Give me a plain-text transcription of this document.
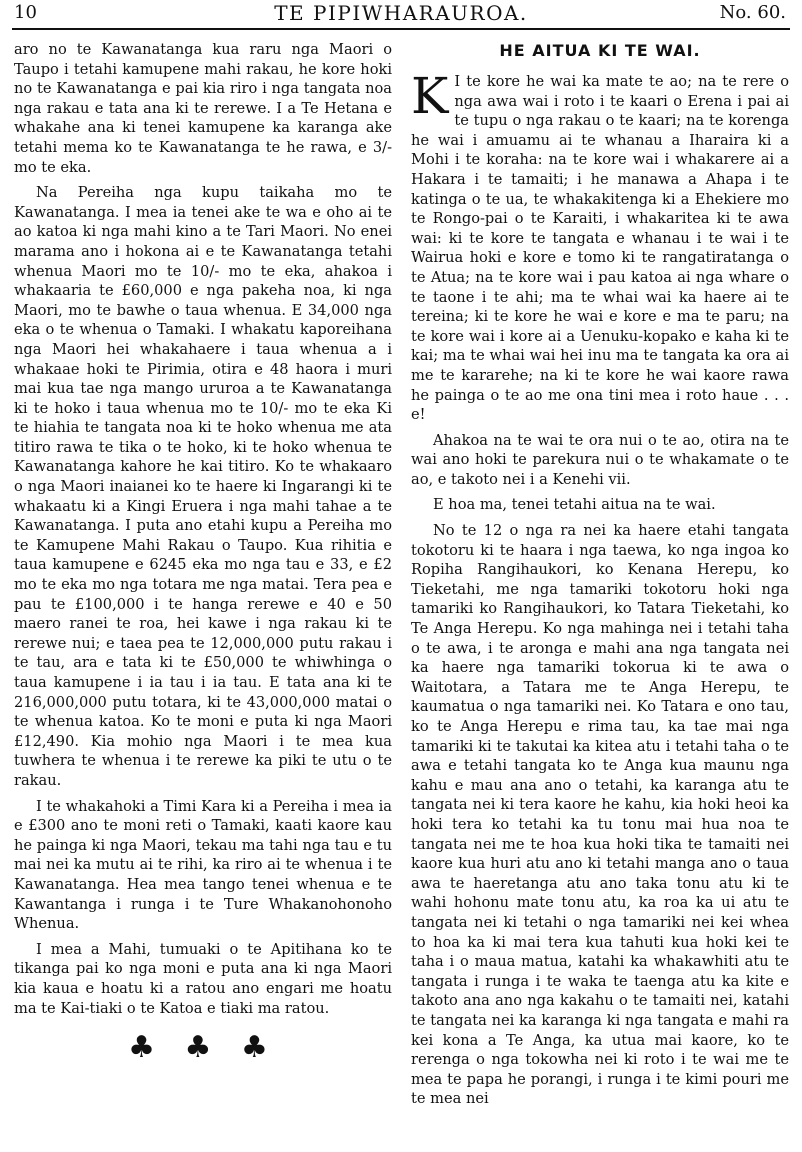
10	TE PIPIWHARAUROA.	No. 60.

aro no te Kawanatanga kua raru nga Maori o Taupo i tetahi kamupene mahi rakau, he kore hoki no te Kawanatanga e pai kia riro i nga tangata noa nga rakau e tata ana ki te rerewe. I a Te Hetana e whakahe ana ki tenei kamupene ka karanga ake tetahi mema ko te Kawanatanga te he rawa, e 3/- mo te eka.

Na Pereiha nga kupu taikaha mo te Kawanatanga. I mea ia tenei ake te wa e oho ai te ao katoa ki nga mahi kino a te Tari Maori. No enei marama ano i hokona ai e te Kawanatanga tetahi whenua Maori mo te 10/- mo te eka, ahakoa i whakaaria te £60,000 e nga pakeha noa, ki nga Maori, mo te bawhe o taua whenua. E 34,000 nga eka o te whenua o Tamaki. I whakatu kaporeihana nga Maori hei whakahaere i taua whenua a i whakaae hoki te Pirimia, otira e 48 haora i muri mai kua tae nga mango ururoa a te Kawanatanga ki te hoko i taua whenua mo te 10/- mo te eka Ki te hiahia te tangata noa ki te hoko whenua me ata titiro rawa te tika o te hoko, ki te hoko whenua te Kawanatanga kahore he kai titiro. Ko te whakaaro o nga Maori inaianei ko te haere ki Ingarangi ki te whakaatu ki a Kingi Eruera i nga mahi tahae a te Kawanatanga. I puta ano etahi kupu a Pereiha mo te Kamupene Mahi Rakau o Taupo. Kua rihitia e taua kamupene e 6245 eka mo nga tau e 33, e £2 mo te eka mo nga totara me nga matai. Tera pea e pau te £100,000 i te hanga rerewe e 40 e 50 maero ranei te roa, hei kawe i nga rakau ki te rerewe nui; e taea pea te 12,000,000 putu rakau i te tau, ara e tata ki te £50,000 te whiwhinga o taua kamupene i ia tau i ia tau. E tata ana ki te 216,000,000 putu totara, ki te 43,000,000 matai o te whenua katoa. Ko te moni e puta ki nga Maori £12,490. Kia mohio nga Maori i te mea kua tuwhera te whenua i te rerewe ka piki te utu o te rakau.

I te whakahoki a Timi Kara ki a Pereiha i mea ia e £300 ano te moni reti o Tamaki, kaati kaore kau he painga ki nga Maori, tekau ma tahi nga tau e tu mai nei ka mutu ai te rihi, ka riro ai te whenua i te Kawanatanga. Hea mea tango tenei whenua e te Kawantanga i runga i te Ture Whakanohonoho Whenua.

I mea a Mahi, tumuaki o te Apitihana ko te tikanga pai ko nga moni e puta ana ki nga Maori kia kaua e hoatu ki a ratou ano engari me hoatu ma te Kai-tiaki o te Katoa e tiaki ma ratou.

♣ ♣ ♣
HE AITUA KI TE WAI.

K I te kore he wai ka mate te ao; na te rere o nga awa wai i roto i te kaari o Erena i pai ai te tupu o nga rakau o te kaari; na te korenga he wai i amuamu ai te whanau a Iharaira ki a Mohi i te koraha: na te kore wai i whakarere ai a Hakara i te tamaiti; i he manawa a Ahapa i te katinga o te ua, te whakakitenga ki a Ehekiere mo te Rongo-pai o te Karaiti, i whakaritea ki te awa wai: ki te kore te tangata e whanau i te wai i te Wairua hoki e kore e tomo ki te rangatiratanga o te Atua; na te kore wai i pau katoa ai nga whare o te taone i te ahi; ma te whai wai ka haere ai te tereina; ki te kore he wai e kore e ma te paru; na te kore wai i kore ai a Uenuku-kopako e kaha ki te kai; ma te whai wai hei inu ma te tangata ka ora ai me te kararehe; na ki te kore he wai kaore rawa he painga o te ao me ona tini mea i roto haue . . . e!

Ahakoa na te wai te ora nui o te ao, otira na te wai ano hoki te parekura nui o te whakamate o te ao, e takoto nei i a Kenehi vii.

E hoa ma, tenei tetahi aitua na te wai.

No te 12 o nga ra nei ka haere etahi tangata tokotoru ki te haara i nga taewa, ko nga ingoa ko Ropiha Rangihaukori, ko Kenana Herepu, ko Tieketahi, me nga tamariki tokotoru hoki nga tamariki ko Rangihaukori, ko Tatara Tieketahi, ko Te Anga Herepu. Ko nga mahinga nei i tetahi taha o te awa, i te aronga e mahi ana nga tangata nei ka haere nga tamariki tokorua ki te awa o Waitotara, a Tatara me te Anga Herepu, te kaumatua o nga tamariki nei. Ko Tatara e ono tau, ko te Anga Herepu e rima tau, ka tae mai nga tamariki ki te takutai ka kitea atu i tetahi taha o te awa e tetahi tangata ko te Anga kua maunu nga kahu e mau ana ano o tetahi, ka karanga atu te tangata nei ki tera kaore he kahu, kia hoki heoi ka hoki tera ko tetahi ka tu tonu mai hua noa te tangata nei me te hoa kua hoki tika te tamaiti nei kaore kua huri atu ano ki tetahi manga ano o taua awa te haeretanga atu ano taka tonu atu ki te wahi hohonu mate tonu atu, ka roa ka ui atu te tangata nei ki tetahi o nga tamariki nei kei whea to hoa ka ki mai tera kua tahuti kua hoki kei te taha i o maua matua, katahi ka whakawhiti atu te tangata i runga i te waka te taenga atu ka kite e takoto ana ano nga kakahu o te tamaiti nei, katahi te tangata nei ka karanga ki nga tangata e mahi ra kei kona a Te Anga, ka utua mai kaore, ko te rerenga o nga tokowha nei ki roto i te wai me te mea te papa he porangi, i runga i te kimi pouri me te mea nei
